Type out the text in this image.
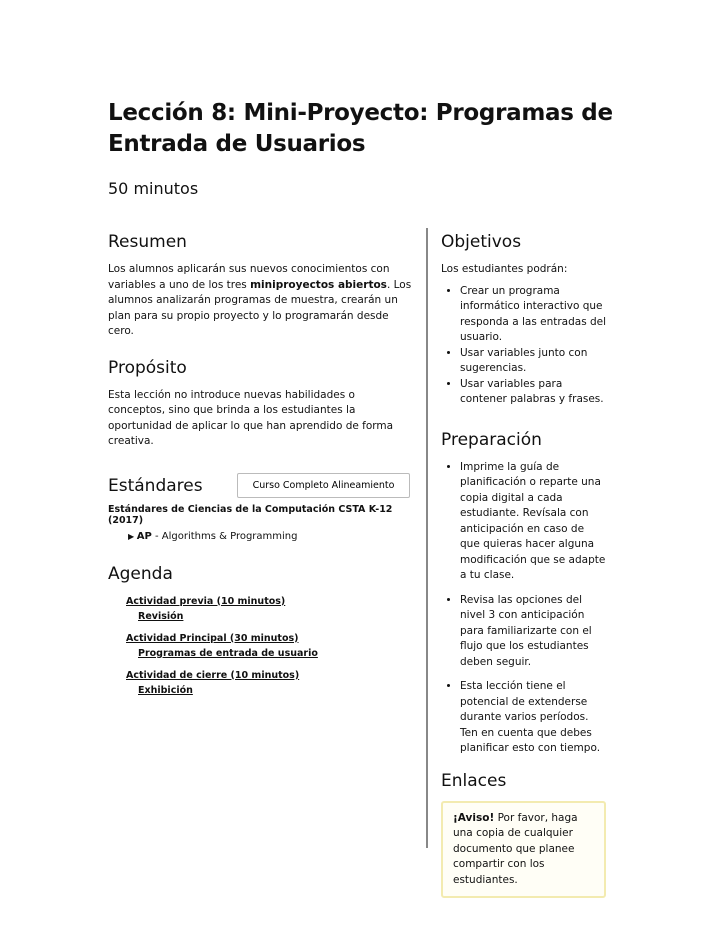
Lección 8: Mini-Proyecto: Programas de Entrada de Usuarios
50 minutos
Resumen

Los alumnos aplicarán sus nuevos conocimientos con variables a uno de los tres miniproyectos abiertos. Los alumnos analizarán programas de muestra, crearán un plan para su propio proyecto y lo programarán desde cero.

Propósito

Esta lección no introduce nuevas habilidades o conceptos, sino que brinda a los estudiantes la oportunidad de aplicar lo que han aprendido de forma creativa.

Estándares	Curso Completo Alineamiento
Estándares de Ciencias de la Computación CSTA K-12 (2017)
▶ AP - Algorithms & Programming
Agenda
Actividad previa (10 minutos)
Revisión
Actividad Principal (30 minutos)
Programas de entrada de usuario
Actividad de cierre (10 minutos)
Exhibición
Objetivos

Los estudiantes podrán:

• Crear un programa informático interactivo que responda a las entradas del usuario.
• Usar variables junto con sugerencias.
• Usar variables para contener palabras y frases.
Preparación
• Imprime la guía de planificación o reparte una copia digital a cada estudiante. Revísala con anticipación en caso de que quieras hacer alguna modificación que se adapte a tu clase.
• Revisa las opciones del nivel 3 con anticipación para familiarizarte con el flujo que los estudiantes deben seguir.
• Esta lección tiene el potencial de extenderse durante varios períodos. Ten en cuenta que debes planificar esto con tiempo.
Enlaces
¡Aviso! Por favor, haga una copia de cualquier documento que planee compartir con los estudiantes.
